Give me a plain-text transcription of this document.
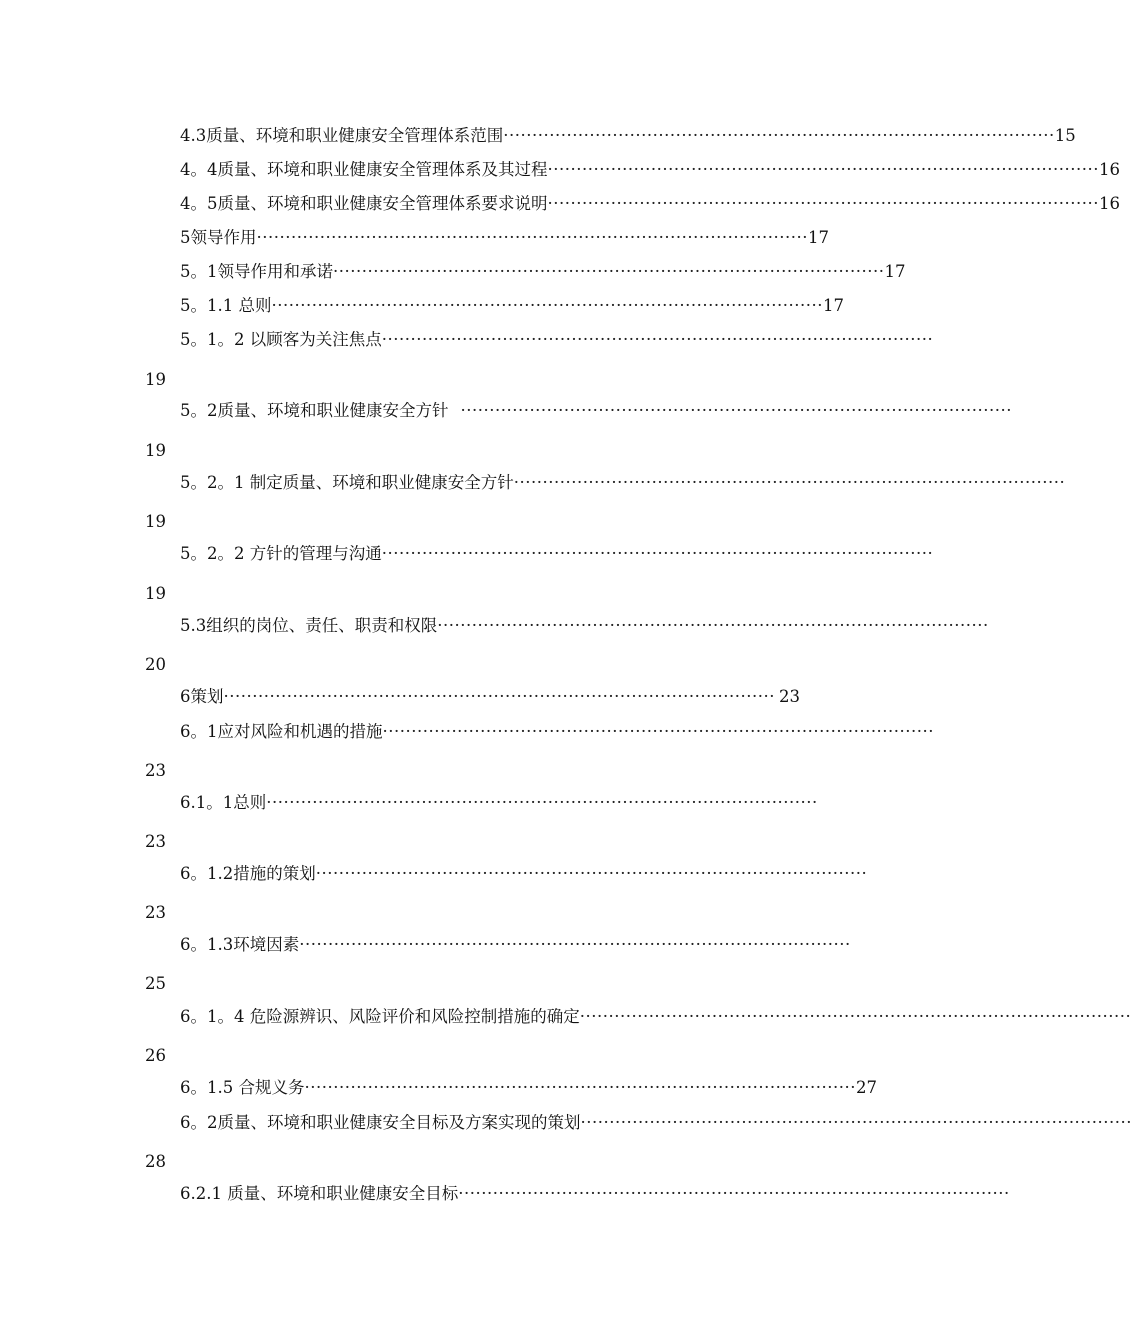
4.3质量、环境和职业健康安全管理体系范围 ································································································ 15
4。4质量、环境和职业健康安全管理体系及其过程 ································································································ 16
4。5质量、环境和职业健康安全管理体系要求说明 ································································································ 16
5领导作用 ································································································ 17
5。1领导作用和承诺 ································································································ 17
5。1.1 总则 ································································································ 17
5。1。2 以顾客为关注焦点 ································································································
19
5。2质量、环境和职业健康安全方针 ································································································
19
5。2。1 制定质量、环境和职业健康安全方针 ································································································
19
5。2。2 方针的管理与沟通 ································································································
19
5.3组织的岗位、责任、职责和权限 ································································································
20
6策划 ································································································ 23
6。1应对风险和机遇的措施 ································································································
23
6.1。1总则 ································································································
23
6。1.2措施的策划 ································································································
23
6。1.3环境因素 ································································································
25
6。1。4 危险源辨识、风险评价和风险控制措施的确定 ································································································
26
6。1.5 合规义务 ································································································ 27
6。2质量、环境和职业健康安全目标及方案实现的策划 ································································································
28
6.2.1 质量、环境和职业健康安全目标 ································································································
